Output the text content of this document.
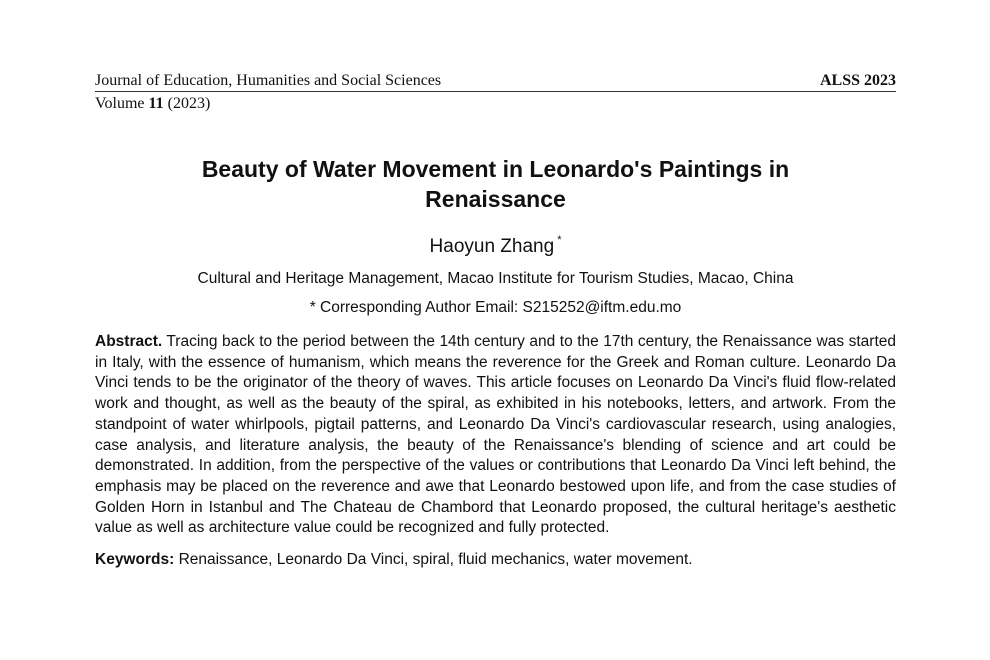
Journal of Education, Humanities and Social Sciences	ALSS 2023
Volume 11 (2023)
Beauty of Water Movement in Leonardo's Paintings in Renaissance
Haoyun Zhang *
Cultural and Heritage Management, Macao Institute for Tourism Studies, Macao, China
* Corresponding Author Email: S215252@iftm.edu.mo
Abstract. Tracing back to the period between the 14th century and to the 17th century, the Renaissance was started in Italy, with the essence of humanism, which means the reverence for the Greek and Roman culture. Leonardo Da Vinci tends to be the originator of the theory of waves. This article focuses on Leonardo Da Vinci's fluid flow-related work and thought, as well as the beauty of the spiral, as exhibited in his notebooks, letters, and artwork. From the standpoint of water whirlpools, pigtail patterns, and Leonardo Da Vinci's cardiovascular research, using analogies, case analysis, and literature analysis, the beauty of the Renaissance's blending of science and art could be demonstrated. In addition, from the perspective of the values or contributions that Leonardo Da Vinci left behind, the emphasis may be placed on the reverence and awe that Leonardo bestowed upon life, and from the case studies of Golden Horn in Istanbul and The Chateau de Chambord that Leonardo proposed, the cultural heritage's aesthetic value as well as architecture value could be recognized and fully protected.
Keywords: Renaissance, Leonardo Da Vinci, spiral, fluid mechanics, water movement.
